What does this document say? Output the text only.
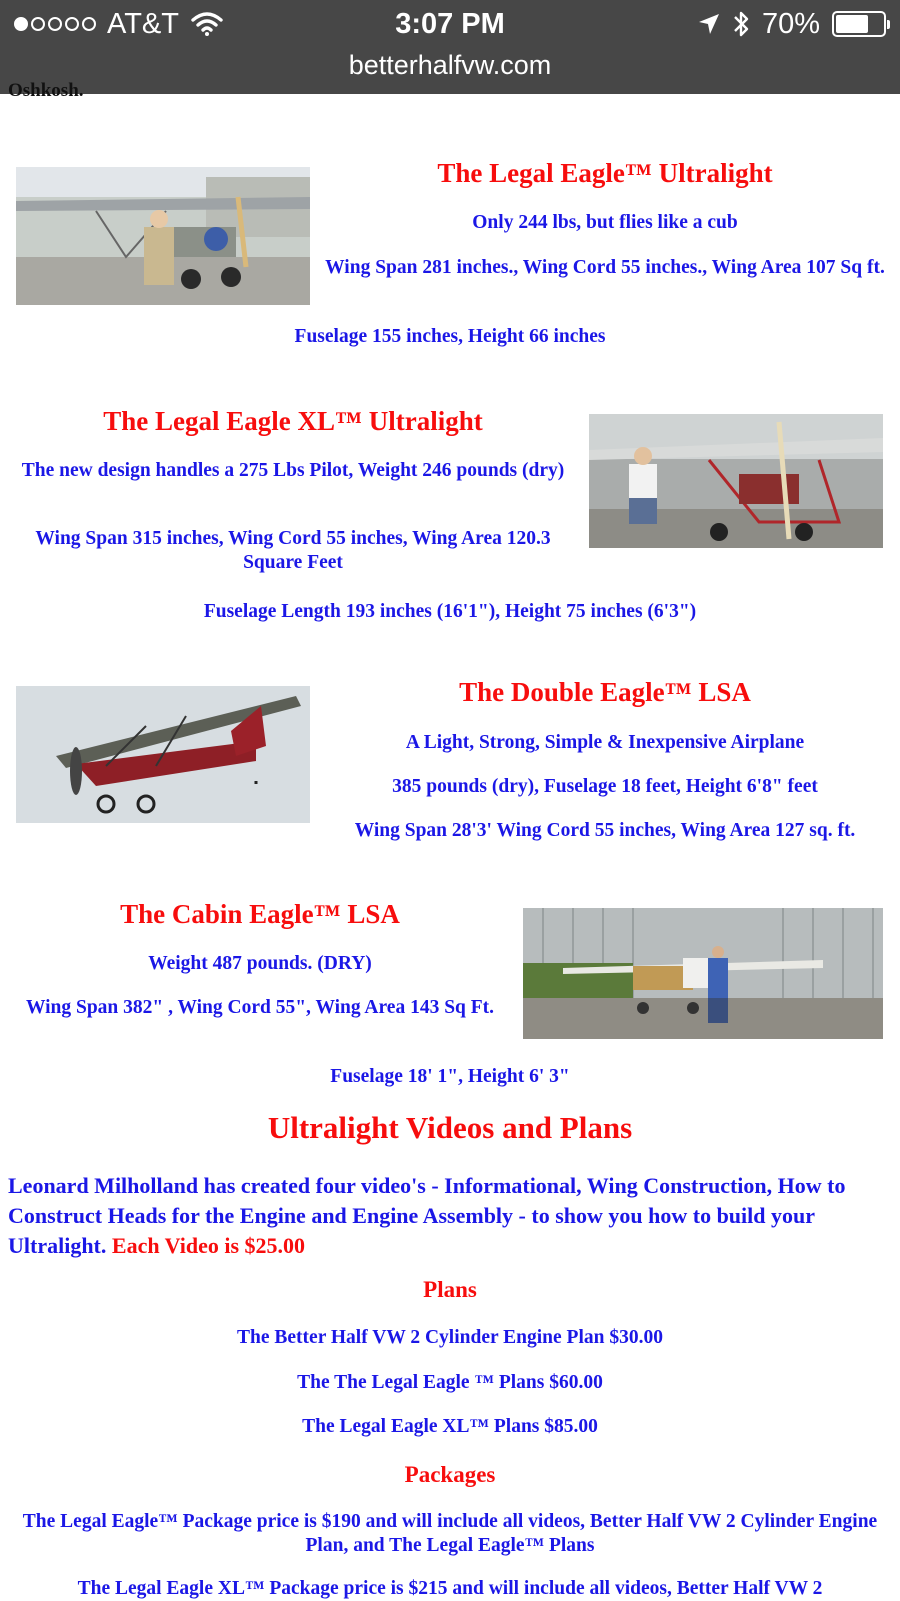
AT&T	3:07 PM	70%
betterhalfvw.com
Oshkosh.
The Legal Eagle™ Ultralight
Only 244 lbs, but flies like a cub
Wing Span 281 inches., Wing Cord 55 inches., Wing Area 107 Sq ft.
Fuselage 155 inches, Height 66 inches
The Legal Eagle XL™ Ultralight
The new design handles a 275 Lbs Pilot, Weight 246 pounds (dry)
Wing Span 315 inches, Wing Cord 55 inches, Wing Area 120.3 Square Feet
Fuselage Length 193 inches (16'1"), Height 75 inches (6'3")
The Double Eagle™ LSA
A Light, Strong, Simple & Inexpensive Airplane
385 pounds (dry), Fuselage 18 feet, Height 6'8" feet
Wing Span 28'3' Wing Cord 55 inches, Wing Area 127 sq. ft.
The Cabin Eagle™ LSA
Weight 487 pounds. (DRY)
Wing Span 382" , Wing Cord 55", Wing Area 143 Sq Ft.
Fuselage 18' 1", Height 6' 3"
Ultralight Videos and Plans
Leonard Milholland has created four video's - Informational, Wing Construction, How to Construct Heads for the Engine and Engine Assembly - to show you how to build your Ultralight. Each Video is $25.00
Plans
The Better Half VW 2 Cylinder Engine Plan $30.00
The The Legal Eagle ™ Plans $60.00
The Legal Eagle XL™ Plans $85.00
Packages
The Legal Eagle™ Package price is $190 and will include all videos, Better Half VW 2 Cylinder Engine Plan, and The Legal Eagle™ Plans
The Legal Eagle XL™ Package price is $215 and will include all videos, Better Half VW 2
